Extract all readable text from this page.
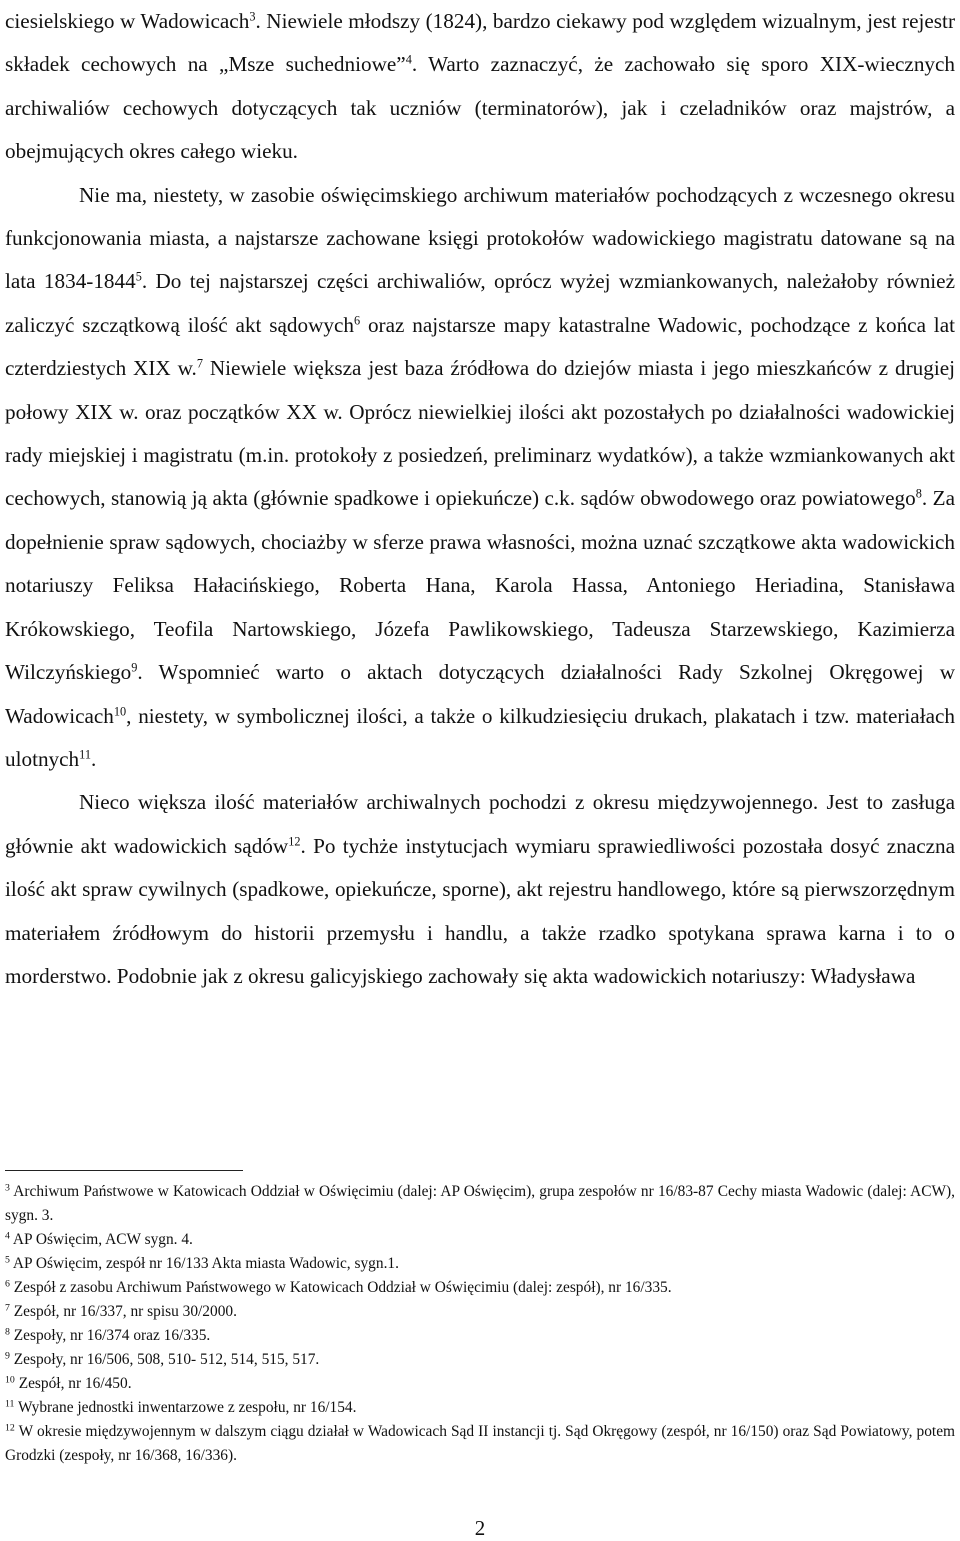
ciesielskiego w Wadowicach$^3$. Niewiele młodszy (1824), bardzo ciekawy pod względem wizualnym, jest rejestr składek cechowych na „Msze suchedniowe”$^4$. Warto zaznaczyć, że zachowało się sporo XIX-wiecznych archiwaliów cechowych dotyczących tak uczniów (terminatorów), jak i czeladników oraz majstrów, a obejmujących okres całego wieku.

Nie ma, niestety, w zasobie oświęcimskiego archiwum materiałów pochodzących z wczesnego okresu funkcjonowania miasta, a najstarsze zachowane księgi protokołów wadowickiego magistratu datowane są na lata 1834-1844$^5$. Do tej najstarszej części archiwaliów, oprócz wyżej wzmiankowanych, należałoby również zaliczyć szczątkową ilość akt sądowych$^6$ oraz najstarsze mapy katastralne Wadowic, pochodzące z końca lat czterdziestych XIX w.$^7$ Niewiele większa jest baza źródłowa do dziejów miasta i jego mieszkańców z drugiej połowy XIX w. oraz początków XX w. Oprócz niewielkiej ilości akt pozostałych po działalności wadowickiej rady miejskiej i magistratu (m.in. protokoły z posiedzeń, preliminarz wydatków), a także wzmiankowanych akt cechowych, stanowią ją akta (głównie spadkowe i opiekuńcze) c.k. sądów obwodowego oraz powiatowego$^8$. Za dopełnienie spraw sądowych, chociażby w sferze prawa własności, można uznać szczątkowe akta wadowickich notariuszy Feliksa Hałacińskiego, Roberta Hana, Karola Hassa, Antoniego Heriadina, Stanisława Krókowskiego, Teofila Nartowskiego, Józefa Pawlikowskiego, Tadeusza Starzewskiego, Kazimierza Wilczyńskiego$^9$. Wspomnieć warto o aktach dotyczących działalności Rady Szkolnej Okręgowej w Wadowicach$^{10}$, niestety, w symbolicznej ilości, a także o kilkudziesięciu drukach, plakatach i tzw. materiałach ulotnych$^{11}$.

Nieco większa ilość materiałów archiwalnych pochodzi z okresu międzywojennego. Jest to zasługa głównie akt wadowickich sądów$^{12}$. Po tychże instytucjach wymiaru sprawiedliwości pozostała dosyć znaczna ilość akt spraw cywilnych (spadkowe, opiekuńcze, sporne), akt rejestru handlowego, które są pierwszorzędnym materiałem źródłowym do historii przemysłu i handlu, a także rzadko spotykana sprawa karna i to o morderstwo. Podobnie jak z okresu galicyjskiego zachowały się akta wadowickich notariuszy: Władysława

$^3$ Archiwum Państwowe w Katowicach Oddział w Oświęcimiu (dalej: AP Oświęcim), grupa zespołów nr 16/83-87 Cechy miasta Wadowic (dalej: ACW), sygn. 3.
$^4$ AP Oświęcim, ACW sygn. 4.
$^5$ AP Oświęcim, zespół nr 16/133 Akta miasta Wadowic, sygn.1.
$^6$ Zespół z zasobu Archiwum Państwowego w Katowicach Oddział w Oświęcimiu (dalej: zespół), nr 16/335.
$^7$ Zespół, nr 16/337, nr spisu 30/2000.
$^8$ Zespoły, nr 16/374 oraz 16/335.
$^9$ Zespoły, nr 16/506, 508, 510- 512, 514, 515, 517.
$^{10}$ Zespół, nr 16/450.
$^{11}$ Wybrane jednostki inwentarzowe z zespołu, nr 16/154.
$^{12}$ W okresie międzywojennym w dalszym ciągu działał w Wadowicach Sąd II instancji tj. Sąd Okręgowy (zespół, nr 16/150) oraz Sąd Powiatowy, potem Grodzki (zespoły, nr 16/368, 16/336).
2
